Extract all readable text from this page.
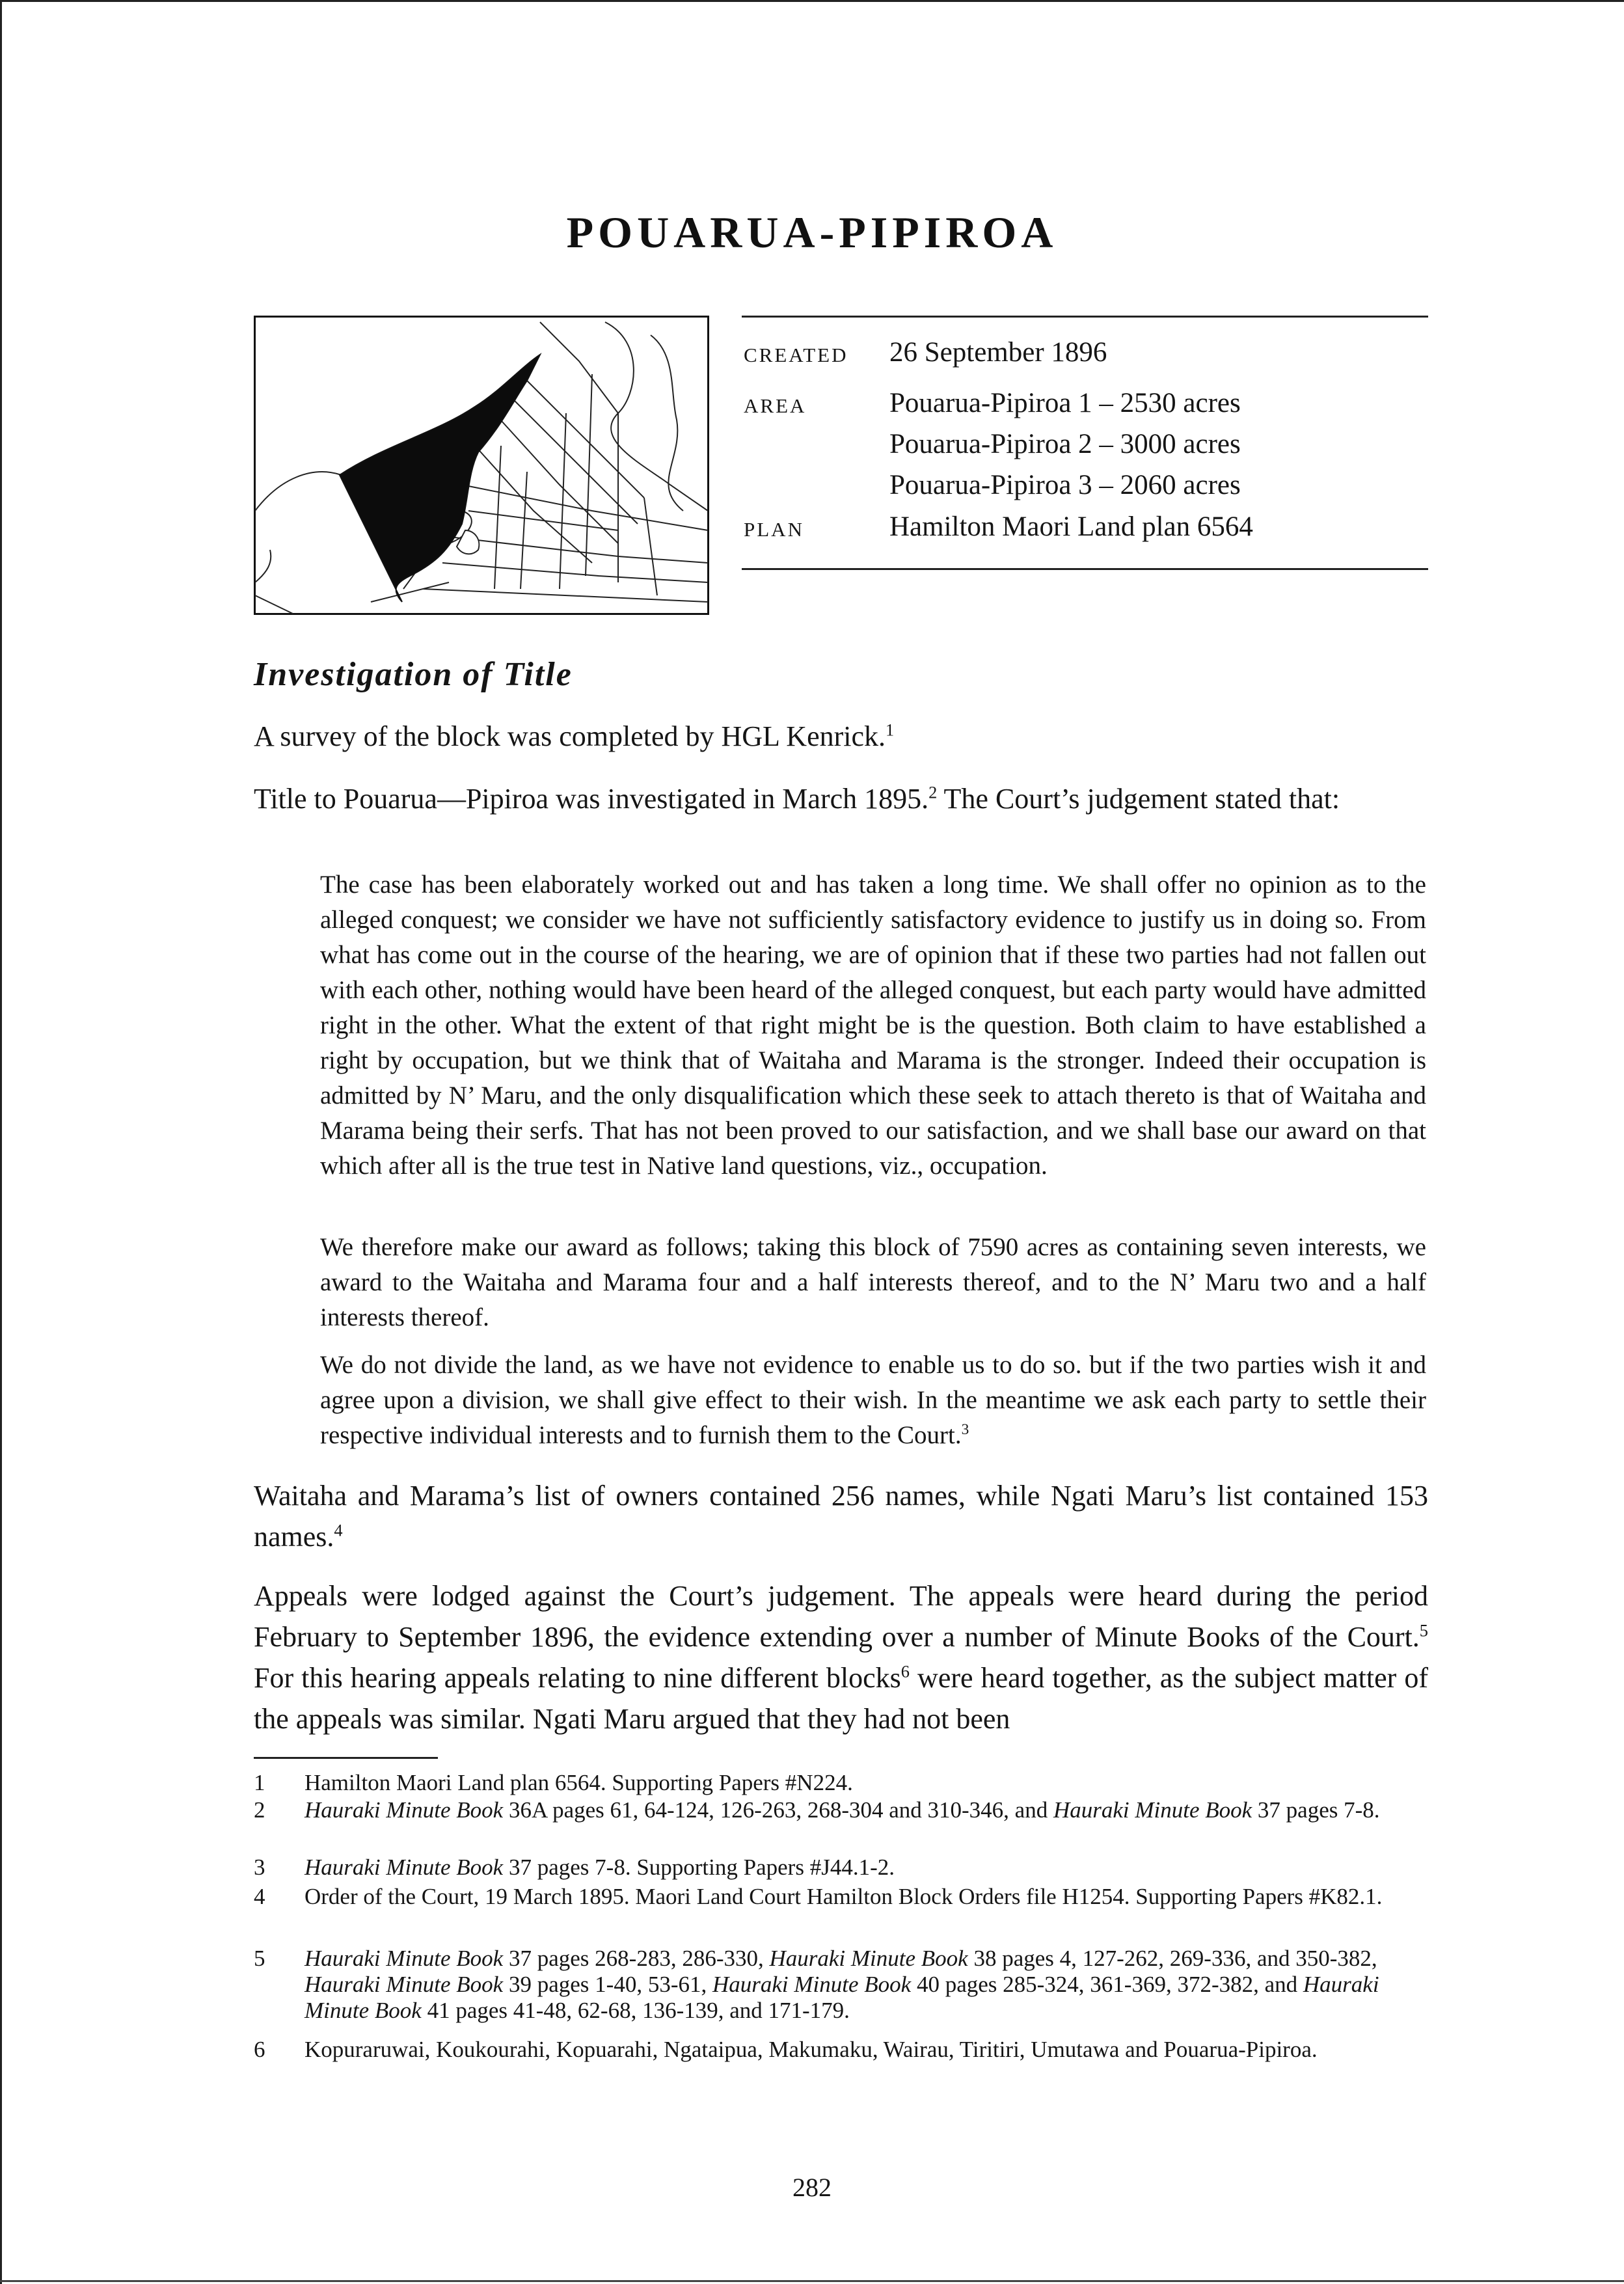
POUARUA-PIPIROA
CREATED 26 September 1896
AREA	Pouarua-Pipiroa 1 – 2530 acres
Pouarua-Pipiroa 2 – 3000 acres
Pouarua-Pipiroa 3 – 2060 acres
PLAN	Hamilton Maori Land plan 6564
Investigation of Title
A survey of the block was completed by HGL Kenrick.$^1$
Title to Pouarua—Pipiroa was investigated in March 1895.$^2$ The Court’s judgement stated that:
The case has been elaborately worked out and has taken a long time. We shall offer no opinion as to the alleged conquest; we consider we have not sufficiently satisfactory evidence to justify us in doing so. From what has come out in the course of the hearing, we are of opinion that if these two parties had not fallen out with each other, nothing would have been heard of the alleged conquest, but each party would have admitted right in the other. What the extent of that right might be is the question. Both claim to have established a right by occupation, but we think that of Waitaha and Marama is the stronger. Indeed their occupation is admitted by N’ Maru, and the only disqualification which these seek to attach thereto is that of Waitaha and Marama being their serfs. That has not been proved to our satisfaction, and we shall base our award on that which after all is the true test in Native land questions, viz., occupation.
We therefore make our award as follows; taking this block of 7590 acres as containing seven interests, we award to the Waitaha and Marama four and a half interests thereof, and to the N’ Maru two and a half interests thereof.
We do not divide the land, as we have not evidence to enable us to do so. but if the two parties wish it and agree upon a division, we shall give effect to their wish. In the meantime we ask each party to settle their respective individual interests and to furnish them to the Court.$^3$
Waitaha and Marama’s list of owners contained 256 names, while Ngati Maru’s list contained 153 names.$^4$
Appeals were lodged against the Court’s judgement. The appeals were heard during the period February to September 1896, the evidence extending over a number of Minute Books of the Court.$^5$ For this hearing appeals relating to nine different blocks$^6$ were heard together, as the subject matter of the appeals was similar. Ngati Maru argued that they had not been
1	Hamilton Maori Land plan 6564. Supporting Papers #N224.
2	Hauraki Minute Book 36A pages 61, 64-124, 126-263, 268-304 and 310-346, and Hauraki Minute Book 37 pages 7-8.
3	Hauraki Minute Book 37 pages 7-8. Supporting Papers #J44.1-2.
4	Order of the Court, 19 March 1895. Maori Land Court Hamilton Block Orders file H1254. Supporting Papers #K82.1.
5	Hauraki Minute Book 37 pages 268-283, 286-330, Hauraki Minute Book 38 pages 4, 127-262, 269-336, and 350-382, Hauraki Minute Book 39 pages 1-40, 53-61, Hauraki Minute Book 40 pages 285-324, 361-369, 372-382, and Hauraki Minute Book 41 pages 41-48, 62-68, 136-139, and 171-179.
6	Kopuraruwai, Koukourahi, Kopuarahi, Ngataipua, Makumaku, Wairau, Tiritiri, Umutawa and Pouarua-Pipiroa.
282
